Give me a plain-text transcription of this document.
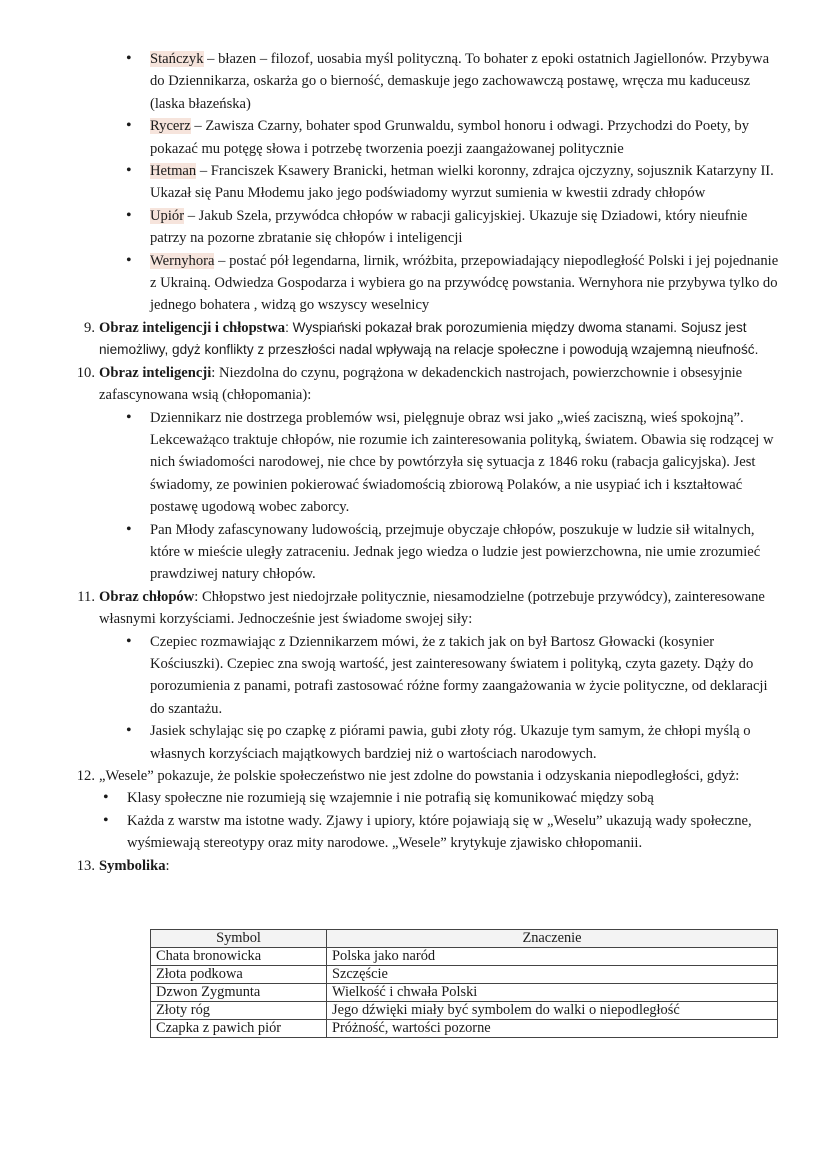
• Stańczyk – błazen – filozof, uosabia myśl polityczną. To bohater z epoki ostatnich Jagiellonów. Przybywa do Dziennikarza, oskarża go o bierność, demaskuje jego zachowawczą postawę, wręcza mu kaduceusz (laska błazeńska)
• Rycerz – Zawisza Czarny, bohater spod Grunwaldu, symbol honoru i odwagi. Przychodzi do Poety, by pokazać mu potęgę słowa i potrzebę tworzenia poezji zaangażowanej politycznie
• Hetman – Franciszek Ksawery Branicki, hetman wielki koronny, zdrajca ojczyzny, sojusznik Katarzyny II. Ukazał się Panu Młodemu jako jego podświadomy wyrzut sumienia w kwestii zdrady chłopów
• Upiór – Jakub Szela, przywódca chłopów w rabacji galicyjskiej. Ukazuje się Dziadowi, który nieufnie patrzy na pozorne zbratanie się chłopów i inteligencji
• Wernyhora – postać pół legendarna, lirnik, wróżbita, przepowiadający niepodległość Polski i jej pojednanie z Ukrainą. Odwiedza Gospodarza i wybiera go na przywódcę powstania. Wernyhora nie przybywa tylko do jednego bohatera , widzą go wszyscy weselnicy
9. Obraz inteligencji i chłopstwa: Wyspiański pokazał brak porozumienia między dwoma stanami. Sojusz jest niemożliwy, gdyż konflikty z przeszłości nadal wpływają na relacje społeczne i powodują wzajemną nieufność.
10. Obraz inteligencji: Niezdolna do czynu, pogrążona w dekadenckich nastrojach, powierzchownie i obsesyjnie zafascynowana wsią (chłopomania):
• Dziennikarz nie dostrzega problemów wsi, pielęgnuje obraz wsi jako „wieś zaciszną, wieś spokojną”. Lekceważąco traktuje chłopów, nie rozumie ich zainteresowania polityką, światem. Obawia się rodzącej w nich świadomości narodowej, nie chce by powtórzyła się sytuacja z 1846 roku (rabacja galicyjska). Jest świadomy, ze powinien pokierować świadomością zbiorową Polaków, a nie usypiać ich i kształtować postawę ugodową wobec zaborcy.
• Pan Młody zafascynowany ludowością, przejmuje obyczaje chłopów, poszukuje w ludzie sił witalnych, które w mieście uległy zatraceniu. Jednak jego wiedza o ludzie jest powierzchowna, nie umie zrozumieć prawdziwej natury chłopów.
11. Obraz chłopów: Chłopstwo jest niedojrzałe politycznie, niesamodzielne (potrzebuje przywódcy), zainteresowane własnymi korzyściami. Jednocześnie jest świadome swojej siły:
• Czepiec rozmawiając z Dziennikarzem mówi, że z takich jak on był Bartosz Głowacki (kosynier Kościuszki). Czepiec zna swoją wartość, jest zainteresowany światem i polityką, czyta gazety. Dąży do porozumienia z panami, potrafi zastosować różne formy zaangażowania w życie polityczne, od deklaracji do szantażu.
• Jasiek schylając się po czapkę z piórami pawia, gubi złoty róg. Ukazuje tym samym, że chłopi myślą o własnych korzyściach majątkowych bardziej niż o wartościach narodowych.
12. „Wesele” pokazuje, że polskie społeczeństwo nie jest zdolne do powstania i odzyskania niepodległości, gdyż:
• Klasy społeczne nie rozumieją się wzajemnie i nie potrafią się komunikować między sobą
• Każda z warstw ma istotne wady. Zjawy i upiory, które pojawiają się w „Weselu” ukazują wady społeczne, wyśmiewają stereotypy oraz mity narodowe. „Wesele” krytykuje zjawisko chłopomanii.
13. Symbolika:
Symbol	Znaczenie
Chata bronowicka	Polska jako naród
Złota podkowa	Szczęście
Dzwon Zygmunta	Wielkość i chwała Polski
Złoty róg	Jego dźwięki miały być symbolem do walki o niepodległość
Czapka z pawich piór	Próżność, wartości pozorne
